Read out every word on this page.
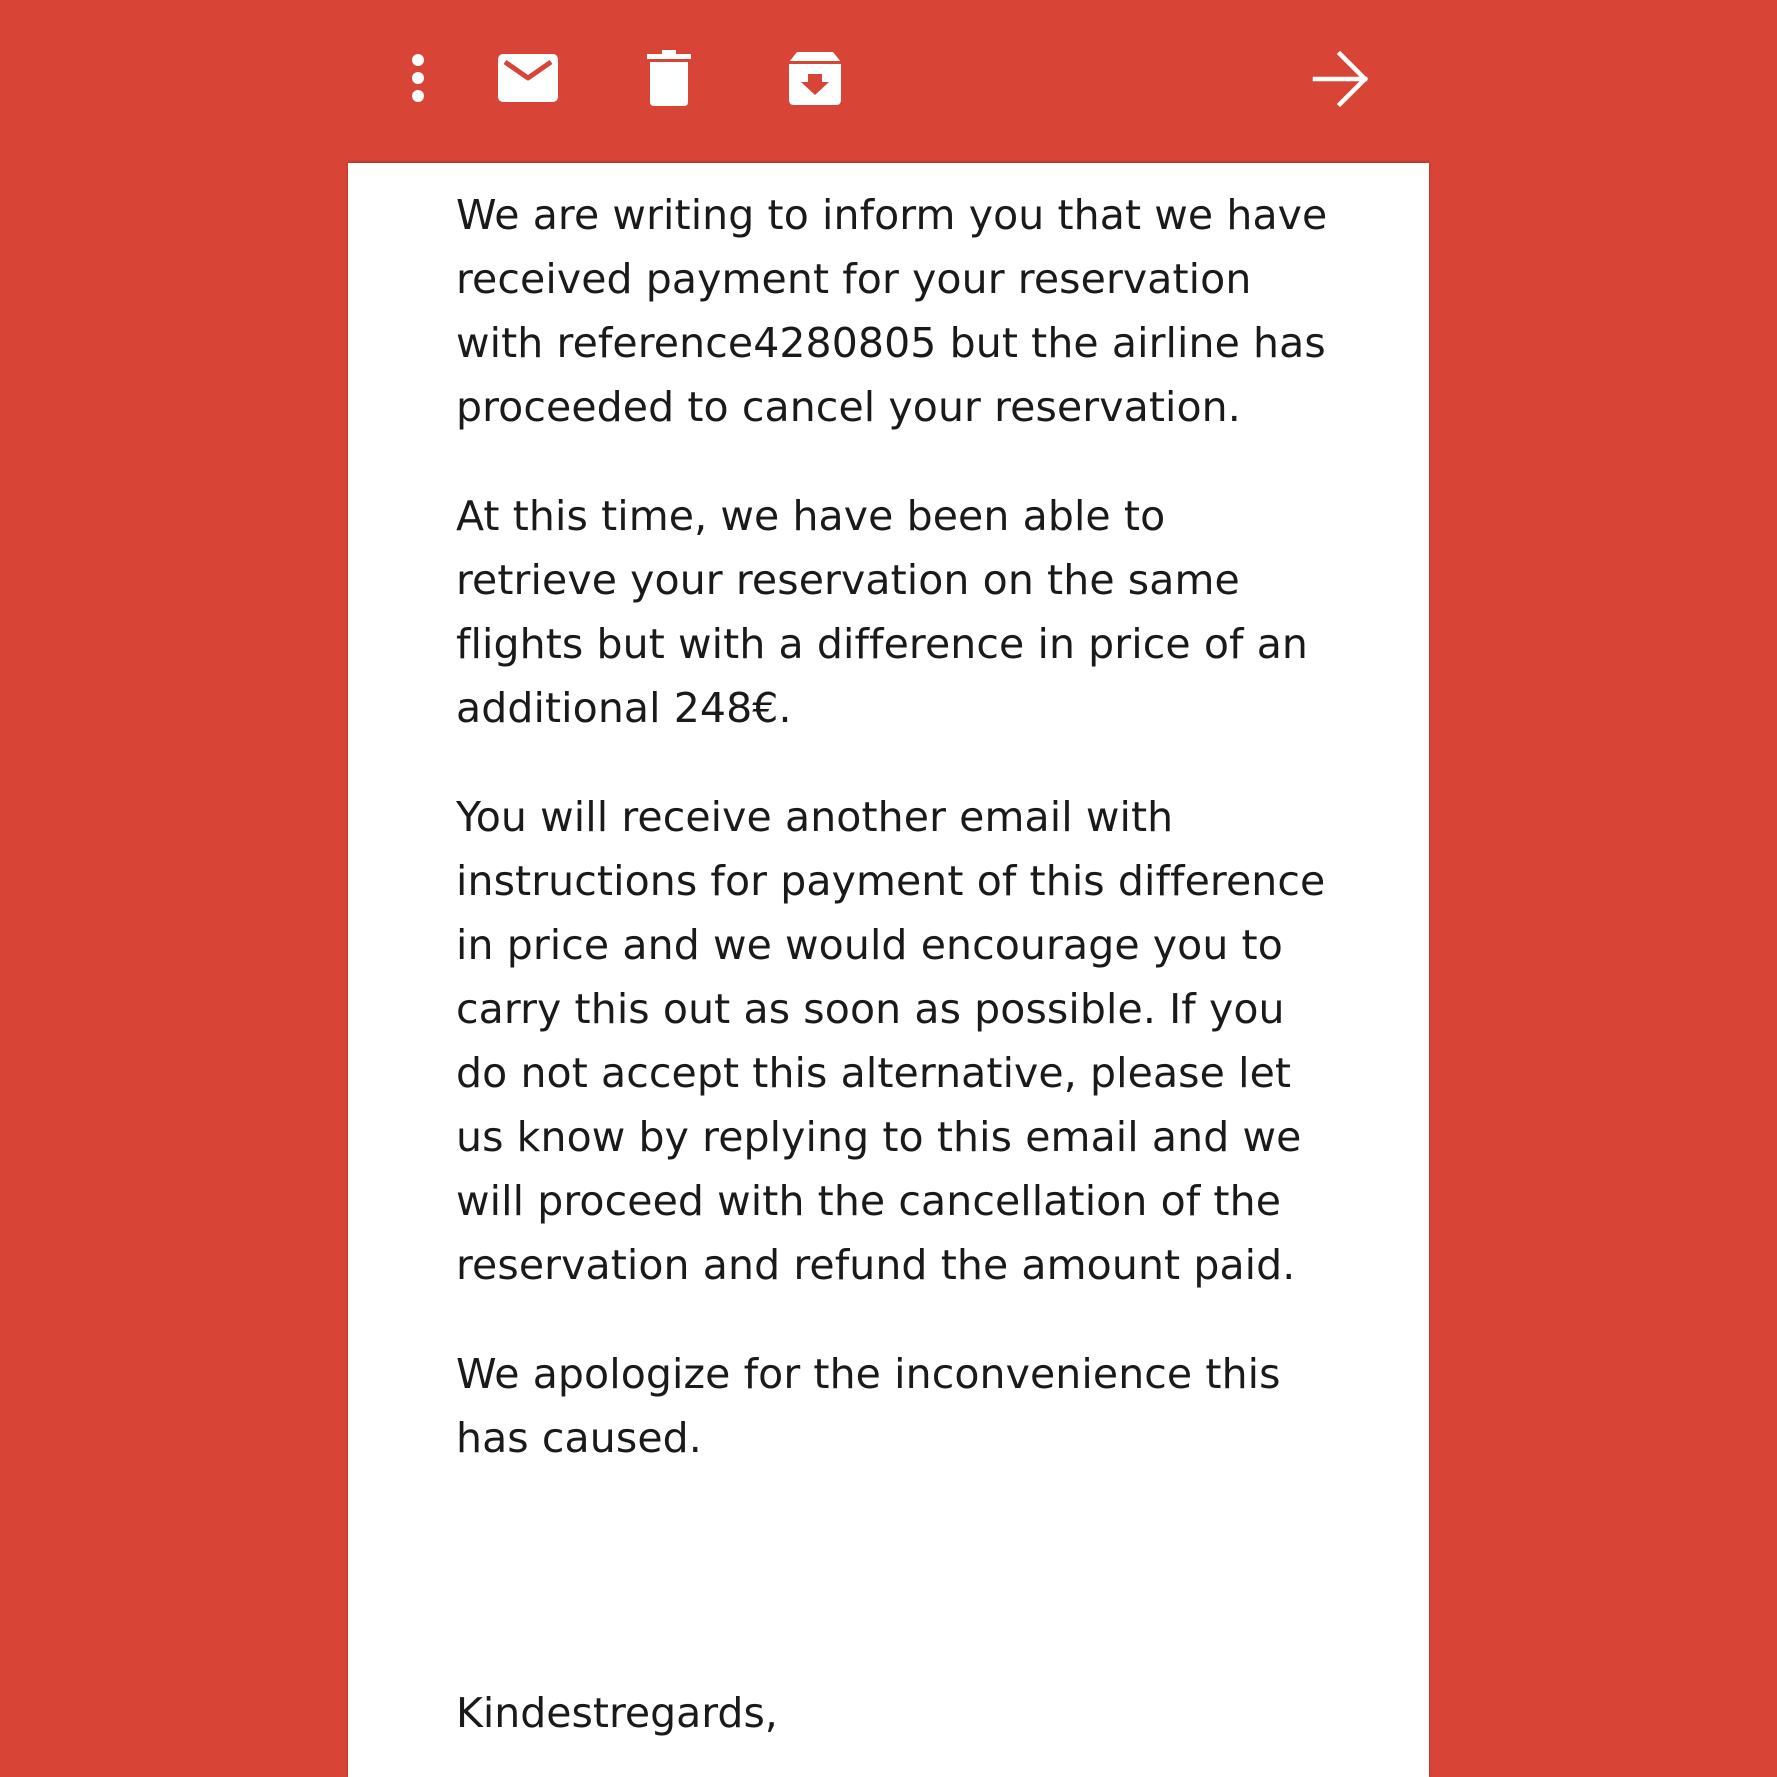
We are writing to inform you that we have received payment for your reservation with reference4280805 but the airline has proceeded to cancel your reservation.

At this time, we have been able to retrieve your reservation on the same flights but with a difference in price of an additional 248€.

You will receive another email with instructions for payment of this difference in price and we would encourage you to carry this out as soon as possible. If you do not accept this alternative, please let us know by replying to this email and we will proceed with the cancellation of the reservation and refund the amount paid.

We apologize for the inconvenience this has caused.

Kindestregards,
